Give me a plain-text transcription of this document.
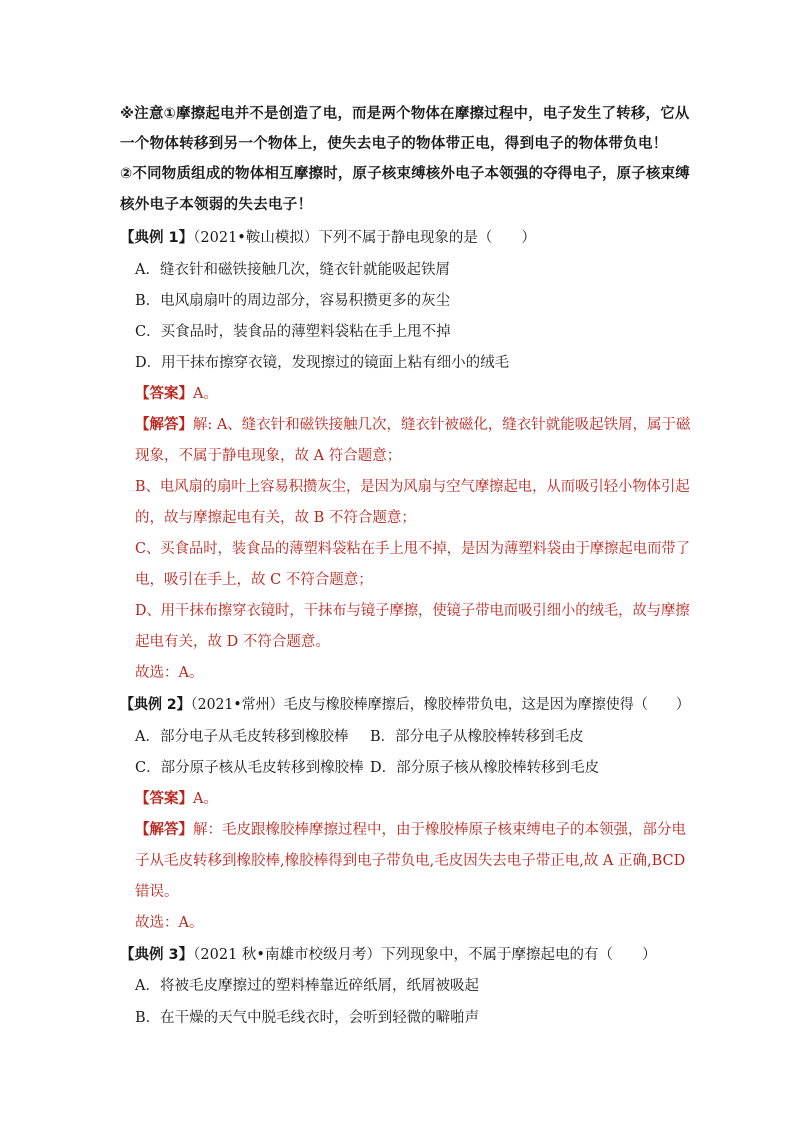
※注意①摩擦起电并不是创造了电，而是两个物体在摩擦过程中，电子发生了转移，它从
一个物体转移到另一个物体上，使失去电子的物体带正电，得到电子的物体带负电！
②不同物质组成的物体相互摩擦时，原子核束缚核外电子本领强的夺得电子，原子核束缚
核外电子本领弱的失去电子！
【典例 1】（2021•鞍山模拟）下列不属于静电现象的是（　　）
A．缝衣针和磁铁接触几次，缝衣针就能吸起铁屑
B．电风扇扇叶的周边部分，容易积攒更多的灰尘
C．买食品时，装食品的薄塑料袋粘在手上甩不掉
D．用干抹布擦穿衣镜，发现擦过的镜面上粘有细小的绒毛
【答案】A。
【解答】解: A、缝衣针和磁铁接触几次，缝衣针被磁化，缝衣针就能吸起铁屑，属于磁
现象，不属于静电现象，故 A 符合题意；
B、电风扇的扇叶上容易积攒灰尘，是因为风扇与空气摩擦起电，从而吸引轻小物体引起
的，故与摩擦起电有关，故 B 不符合题意；
C、买食品时，装食品的薄塑料袋粘在手上甩不掉，是因为薄塑料袋由于摩擦起电而带了
电，吸引在手上，故 C 不符合题意；
D、用干抹布擦穿衣镜时，干抹布与镜子摩擦，使镜子带电而吸引细小的绒毛，故与摩擦
起电有关，故 D 不符合题意。
故选：A。
【典例 2】（2021•常州）毛皮与橡胶棒摩擦后，橡胶棒带负电，这是因为摩擦使得（　　）
A．部分电子从毛皮转移到橡胶棒 B．部分电子从橡胶棒转移到毛皮
C．部分原子核从毛皮转移到橡胶棒 D．部分原子核从橡胶棒转移到毛皮
【答案】A。
【解答】解：毛皮跟橡胶棒摩擦过程中，由于橡胶棒原子核束缚电子的本领强，部分电
子从毛皮转移到橡胶棒,橡胶棒得到电子带负电,毛皮因失去电子带正电,故 A 正确,BCD
错误。
故选：A。
【典例 3】（2021 秋•南雄市校级月考）下列现象中，不属于摩擦起电的有（　　）
A．将被毛皮摩擦过的塑料棒靠近碎纸屑，纸屑被吸起
B．在干燥的天气中脱毛线衣时，会听到轻微的噼啪声
